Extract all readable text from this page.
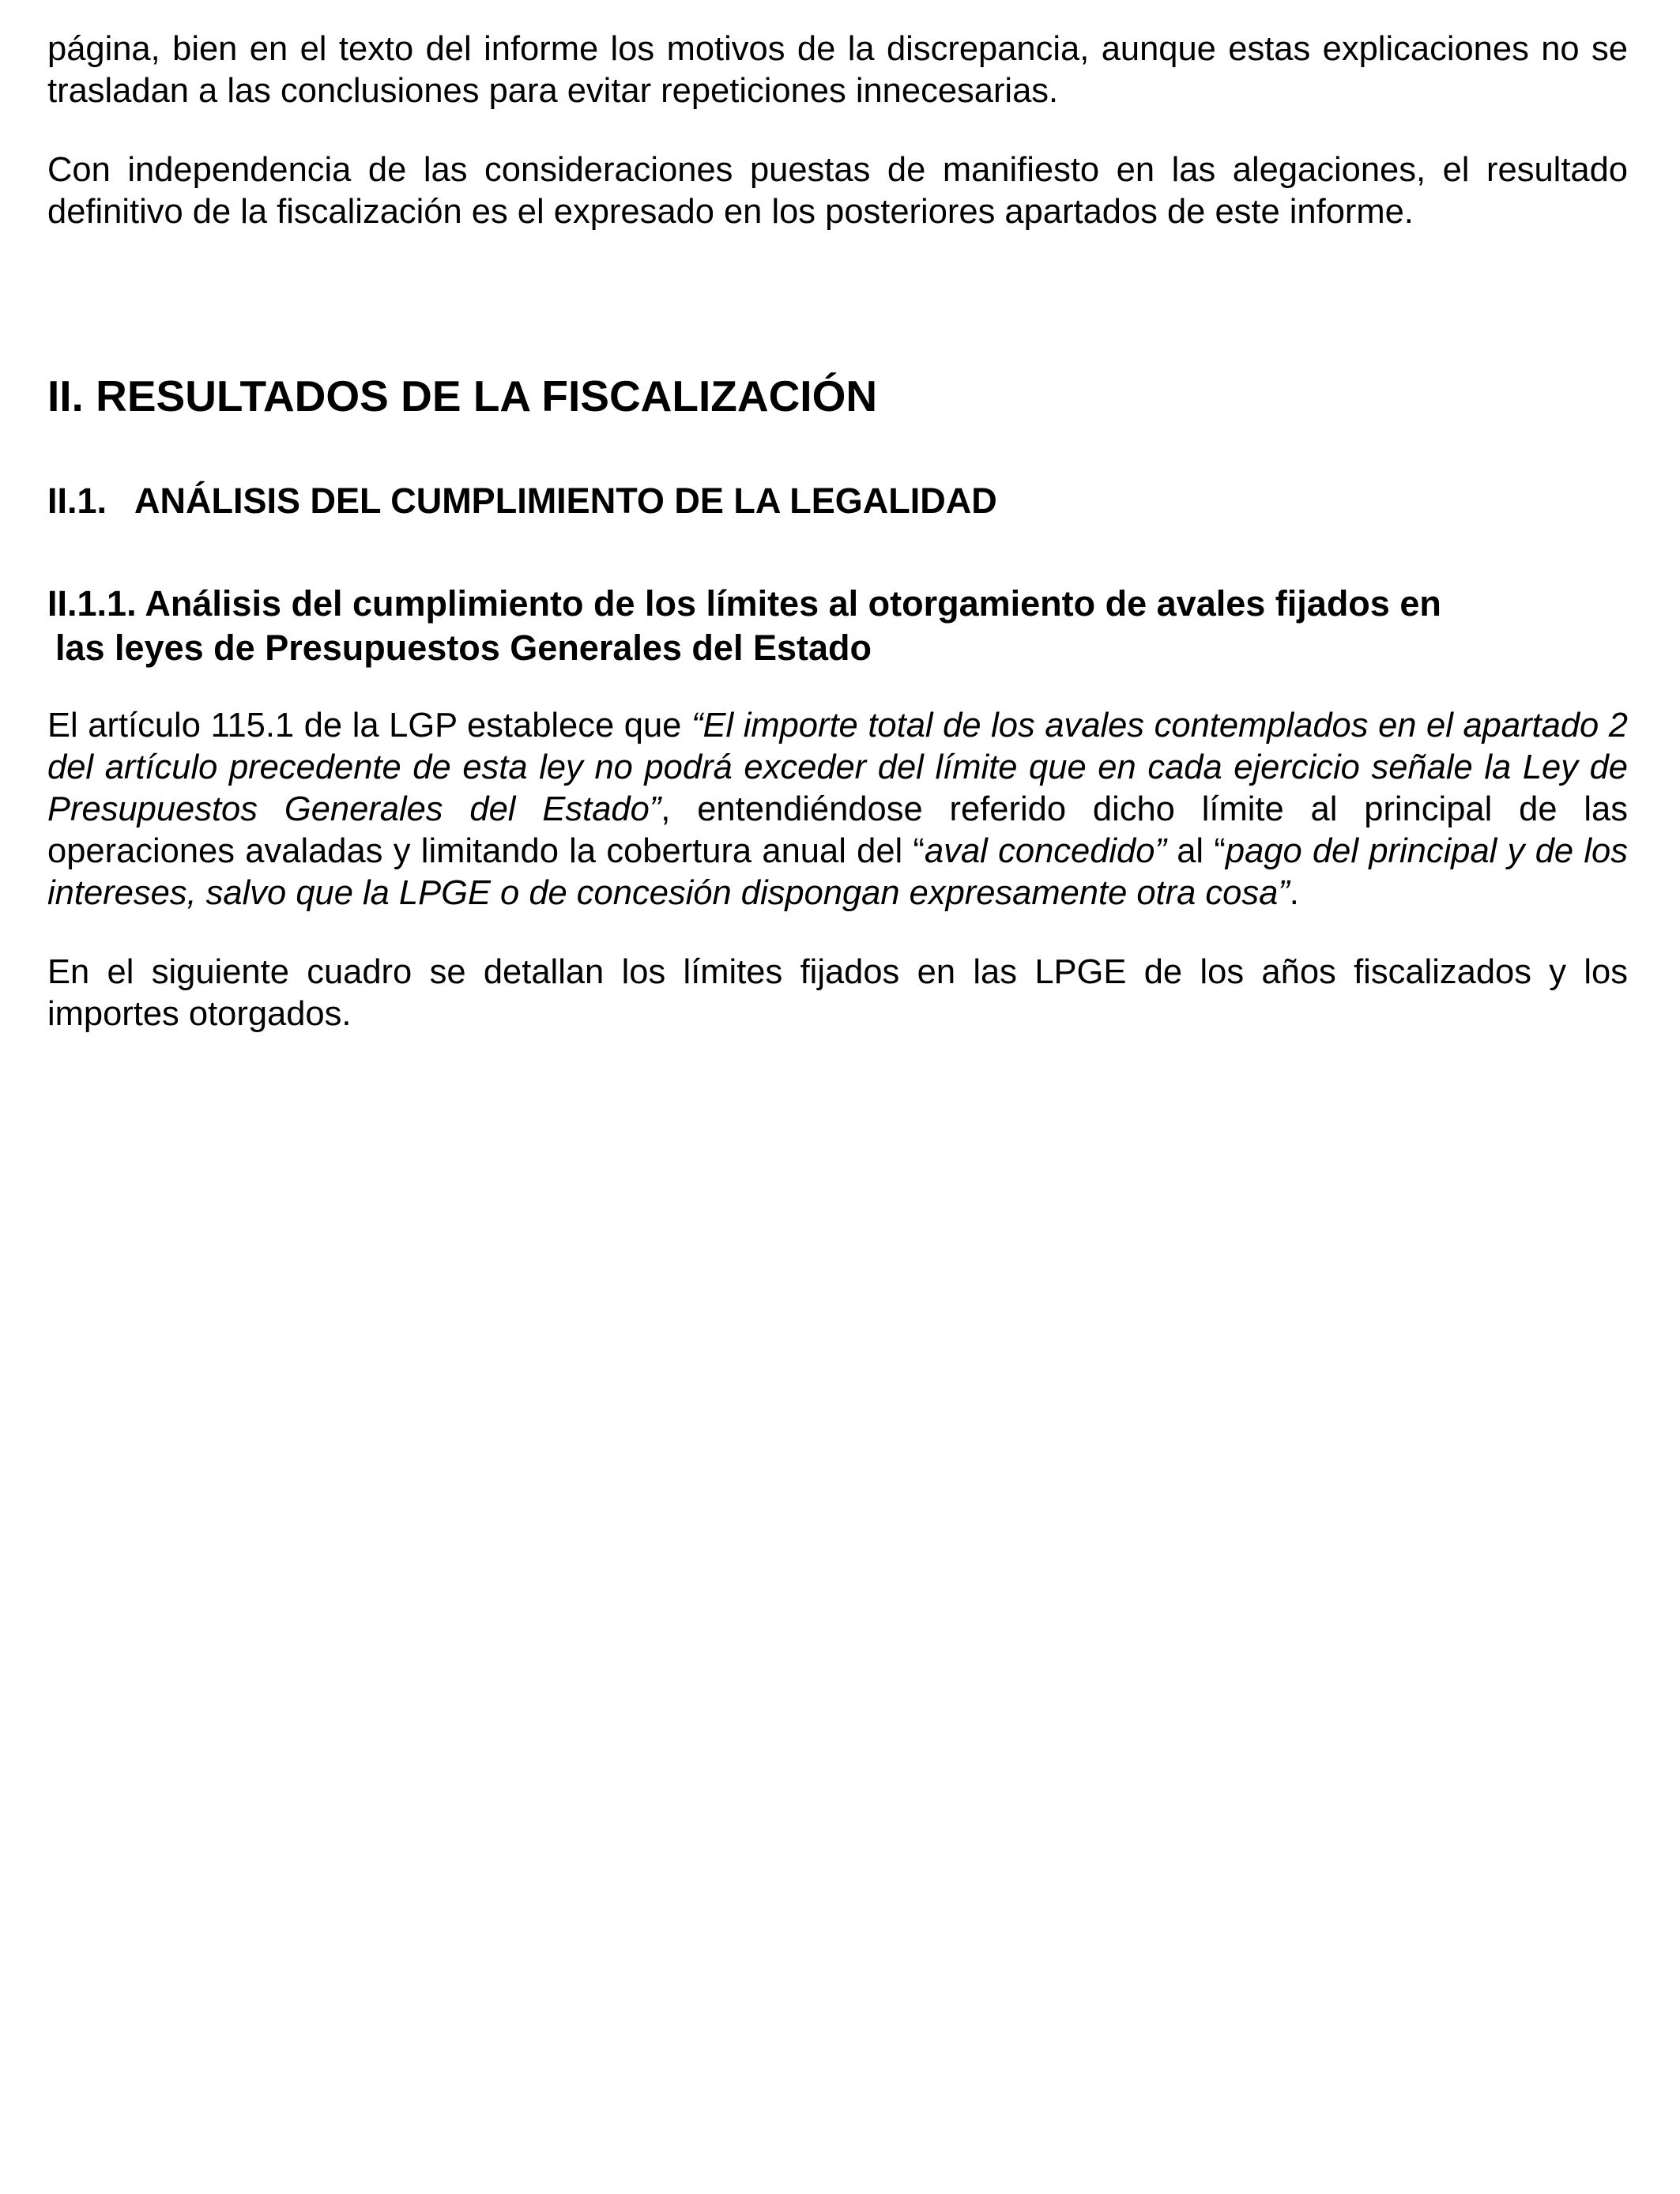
página, bien en el texto del informe los motivos de la discrepancia, aunque estas explicaciones no se trasladan a las conclusiones para evitar repeticiones innecesarias.

Con independencia de las consideraciones puestas de manifiesto en las alegaciones, el resultado definitivo de la fiscalización es el expresado en los posteriores apartados de este informe.

II. RESULTADOS DE LA FISCALIZACIÓN
II.1. ANÁLISIS DEL CUMPLIMIENTO DE LA LEGALIDAD
II.1.1. Análisis del cumplimiento de los límites al otorgamiento de avales fijados en
las leyes de Presupuestos Generales del Estado

El artículo 115.1 de la LGP establece que “El importe total de los avales contemplados en el apartado 2 del artículo precedente de esta ley no podrá exceder del límite que en cada ejercicio señale la Ley de Presupuestos Generales del Estado”, entendiéndose referido dicho límite al principal de las operaciones avaladas y limitando la cobertura anual del “aval concedido” al “pago del principal y de los intereses, salvo que la LPGE o de concesión dispongan expresamente otra cosa”.

En el siguiente cuadro se detallan los límites fijados en las LPGE de los años fiscalizados y los importes otorgados.
